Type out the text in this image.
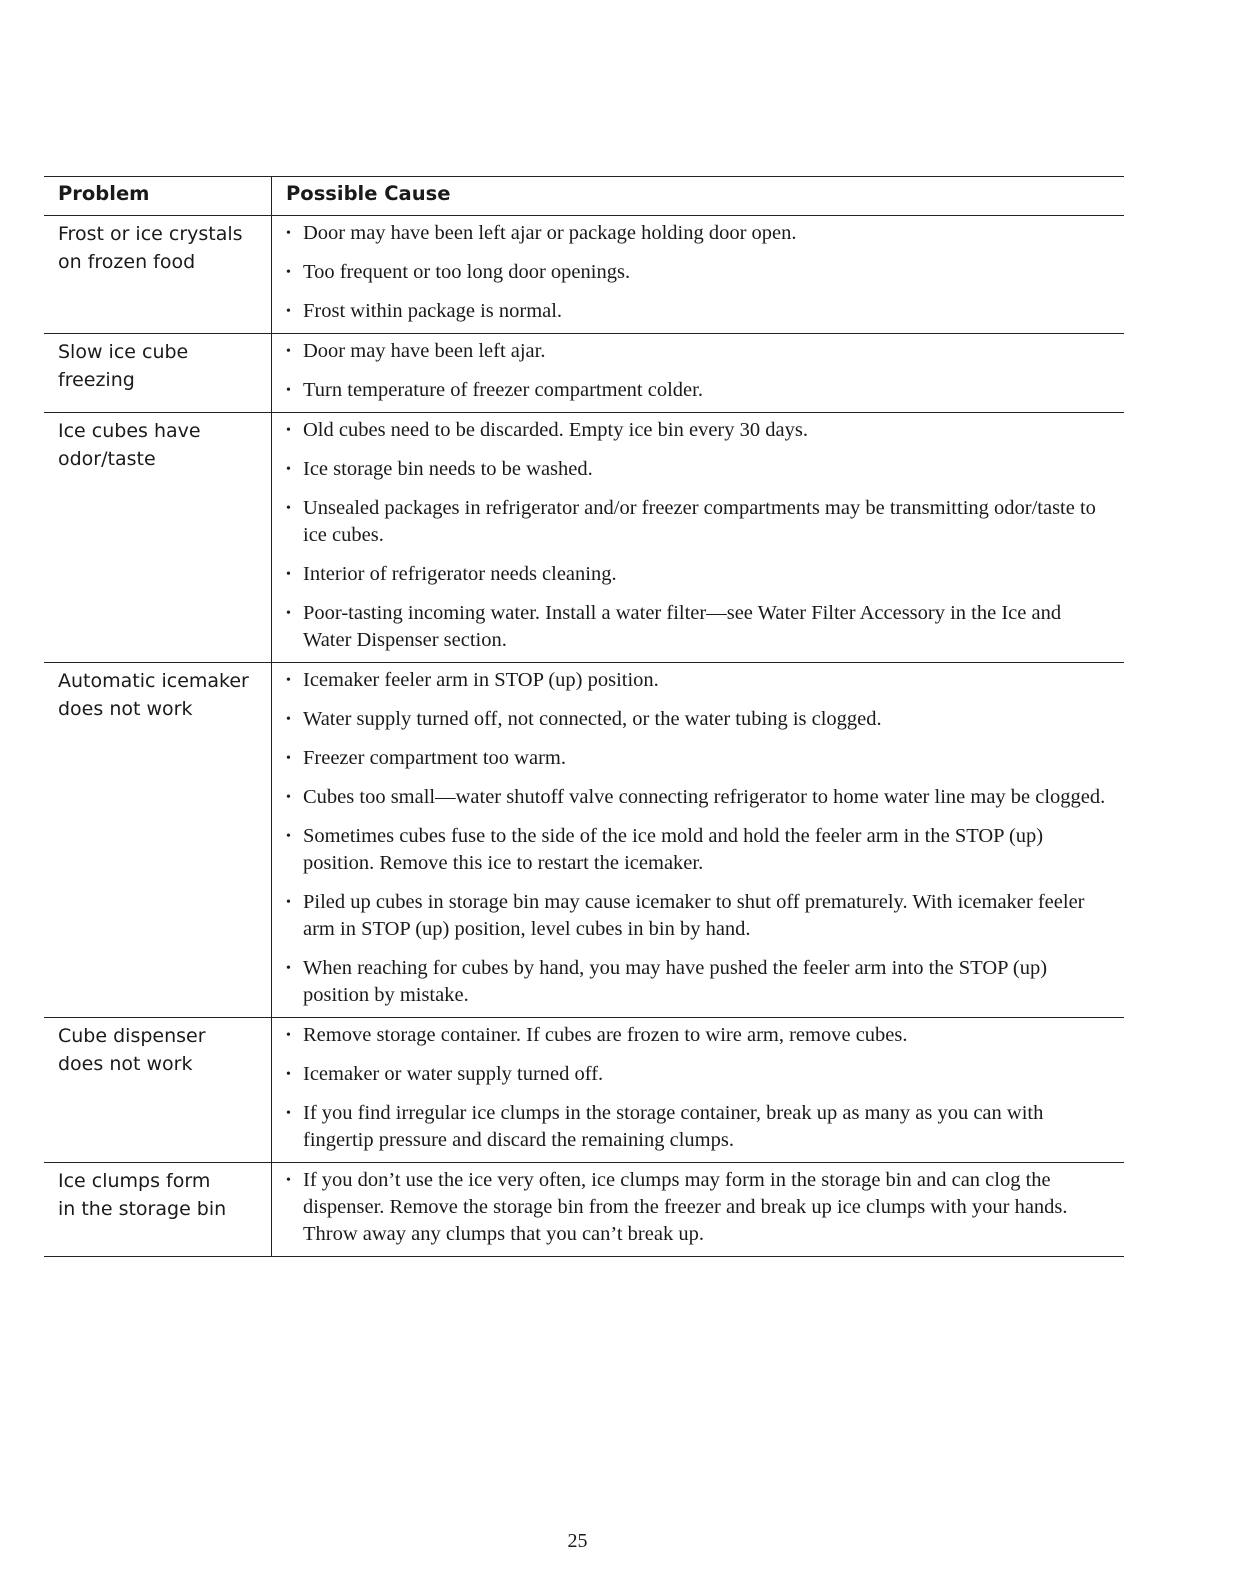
Problem	Possible Cause
Frost or ice crystals
on frozen food
• Door may have been left ajar or package holding door open.
• Too frequent or too long door openings.
• Frost within package is normal.
Slow ice cube
freezing
• Door may have been left ajar.
• Turn temperature of freezer compartment colder.
Ice cubes have
odor/taste
• Old cubes need to be discarded. Empty ice bin every 30 days.
• Ice storage bin needs to be washed.
• Unsealed packages in refrigerator and/or freezer compartments may be transmitting odor/taste to ice cubes.
• Interior of refrigerator needs cleaning.
• Poor-tasting incoming water. Install a water filter—see Water Filter Accessory in the Ice and Water Dispenser section.
Automatic icemaker
does not work
• Icemaker feeler arm in STOP (up) position.
• Water supply turned off, not connected, or the water tubing is clogged.
• Freezer compartment too warm.
• Cubes too small—water shutoff valve connecting refrigerator to home water line may be clogged.
• Sometimes cubes fuse to the side of the ice mold and hold the feeler arm in the STOP (up) position. Remove this ice to restart the icemaker.
• Piled up cubes in storage bin may cause icemaker to shut off prematurely. With icemaker feeler arm in STOP (up) position, level cubes in bin by hand.
• When reaching for cubes by hand, you may have pushed the feeler arm into the STOP (up) position by mistake.
Cube dispenser
does not work
• Remove storage container. If cubes are frozen to wire arm, remove cubes.
• Icemaker or water supply turned off.
• If you find irregular ice clumps in the storage container, break up as many as you can with fingertip pressure and discard the remaining clumps.
Ice clumps form
in the storage bin
• If you don’t use the ice very often, ice clumps may form in the storage bin and can clog the dispenser. Remove the storage bin from the freezer and break up ice clumps with your hands. Throw away any clumps that you can’t break up.
25
